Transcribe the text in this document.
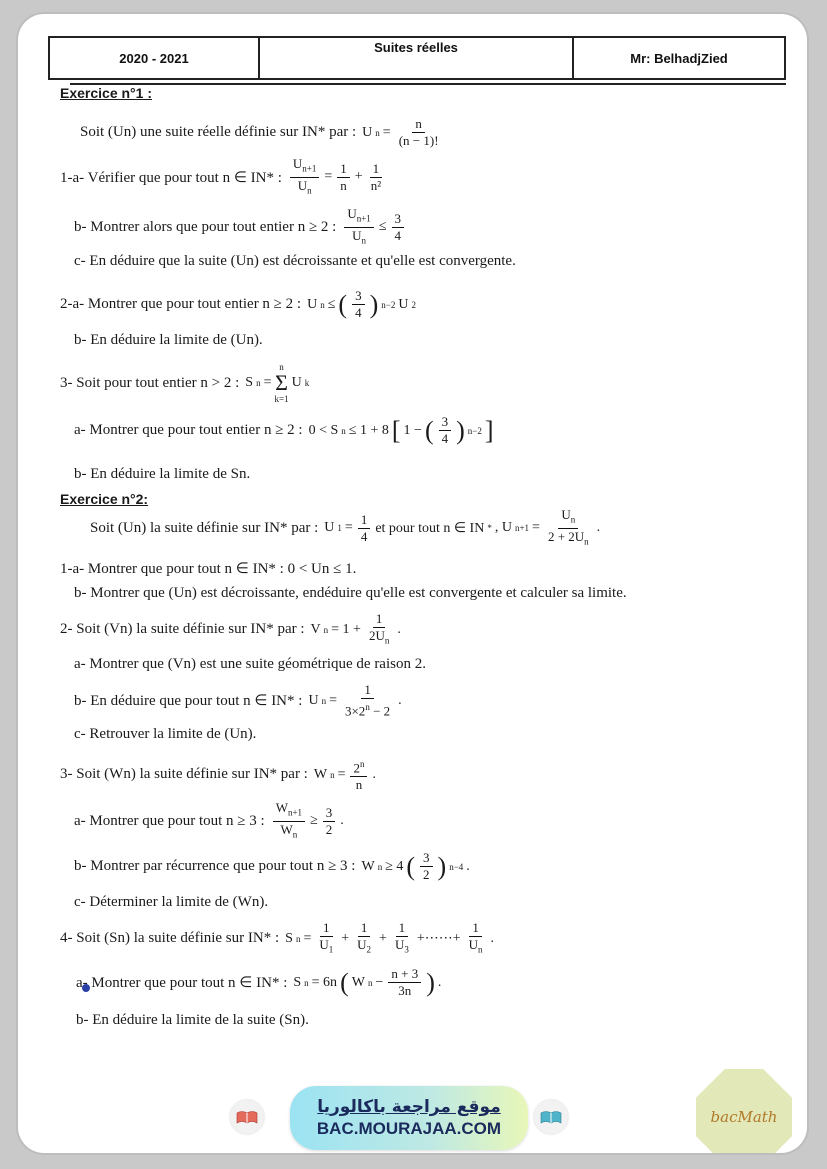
2020 - 2021
Suites réelles
Mr: BelhadjZied
Exercice n°1 :
Soit (Un) une suite réelle définie sur IN* par : U $n = \frac{n}{(n - 1)!}$
1-a- Vérifier que pour tout n ∈ IN* : $\frac{U_{n+1}}{U_n} = \frac{1}{n} + \frac{1}{\text{n²}}$
b- Montrer alors que pour tout entier n ≥ 2 : $\frac{U_{n+1}}{U_n} \le \frac{3}{4}$
c- En déduire que la suite (Un) est décroissante et qu'elle est convergente.
2-a- Montrer que pour tout entier n ≥ 2 : U n ≤ ( $\frac{3}{4}$ ) n−2 U 2
b- En déduire la limite de (Un).
3- Soit pour tout entier n > 2 : S n =
n
Σ
k=1
U k
a- Montrer que pour tout entier n ≥ 2 : 0 < S n ≤ 1 + 8 [ 1 − ( $\frac{3}{4}$ ) n−2 ]
b- En déduire la limite de Sn.
Exercice n°2:
Soit (Un) la suite définie sur IN* par : U $1 = \frac{1}{4}$ et pour tout n ∈ IN * , U $n+1 = \frac{U_n}{2 + 2U_n}$ .
1-a- Montrer que pour tout n ∈ IN* : 0 < Un ≤ 1.
b- Montrer que (Un) est décroissante, endéduire qu'elle est convergente et calculer sa limite.
2- Soit (Vn) la suite définie sur IN* par : V $n = 1 + \frac{1}{2U_n}$ .
a- Montrer que (Vn) est une suite géométrique de raison 2.
b- En déduire que pour tout n ∈ IN* : U $n = \frac{1}{3\times 2^n - 2}$ .
c- Retrouver la limite de (Un).
3- Soit (Wn) la suite définie sur IN* par : W $n = \frac{2^n}{n}$ .
a- Montrer que pour tout n ≥ 3 : $\frac{W_{n+1}}{W_n} \ge \frac{3}{2}$ .
b- Montrer par récurrence que pour tout n ≥ 3 : W n ≥ 4 ( $\frac{3}{2}$ ) n−4 .
c- Déterminer la limite de (Wn).
4- Soit (Sn) la suite définie sur IN* : S $n = \frac{1}{U_1} + \frac{1}{U_2} + \frac{1}{U_3}$ +⋯⋯+ $\frac{1}{U_n}$ .
a- Montrer que pour tout n ∈ IN* : S n = 6n ( W $n - \frac{n + 3}{3n}$ ) .
b- En déduire la limite de la suite (Sn).
موقع مراجعة باكالوريا
BAC.MOURAJAA.COM
bacMath
